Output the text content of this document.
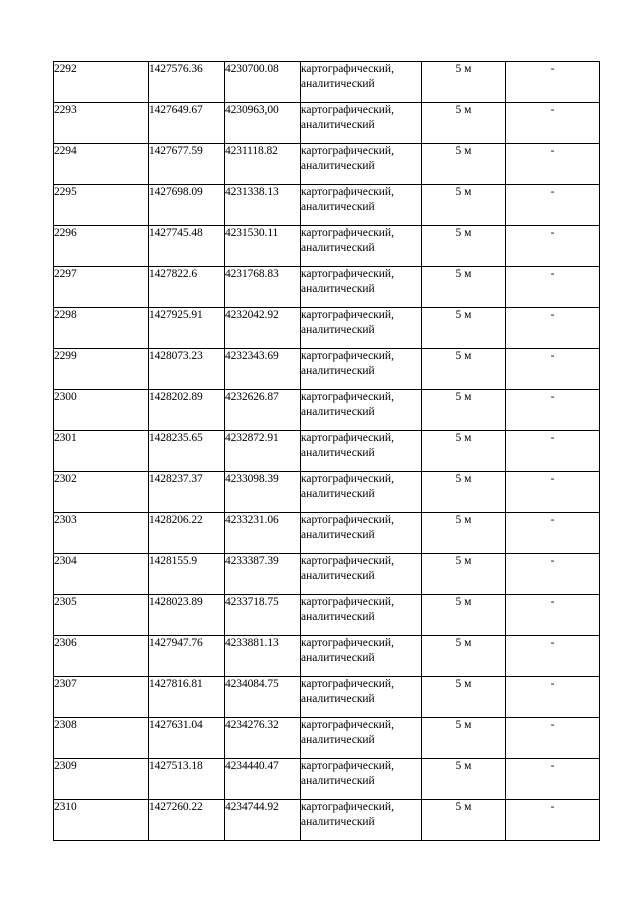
2292	1427576.36	4230700.08	картографический,
аналитический	5 м	-
2293	1427649.67	4230963,00	картографический,
аналитический	5 м	-
2294	1427677.59	4231118.82	картографический,
аналитический	5 м	-
2295	1427698.09	4231338.13	картографический,
аналитический	5 м	-
2296	1427745.48	4231530.11	картографический,
аналитический	5 м	-
2297	1427822.6	4231768.83	картографический,
аналитический	5 м	-
2298	1427925.91	4232042.92	картографический,
аналитический	5 м	-
2299	1428073.23	4232343.69	картографический,
аналитический	5 м	-
2300	1428202.89	4232626.87	картографический,
аналитический	5 м	-
2301	1428235.65	4232872.91	картографический,
аналитический	5 м	-
2302	1428237.37	4233098.39	картографический,
аналитический	5 м	-
2303	1428206.22	4233231.06	картографический,
аналитический	5 м	-
2304	1428155.9	4233387.39	картографический,
аналитический	5 м	-
2305	1428023.89	4233718.75	картографический,
аналитический	5 м	-
2306	1427947.76	4233881.13	картографический,
аналитический	5 м	-
2307	1427816.81	4234084.75	картографический,
аналитический	5 м	-
2308	1427631.04	4234276.32	картографический,
аналитический	5 м	-
2309	1427513.18	4234440.47	картографический,
аналитический	5 м	-
2310	1427260.22	4234744.92	картографический,
аналитический	5 м	-
